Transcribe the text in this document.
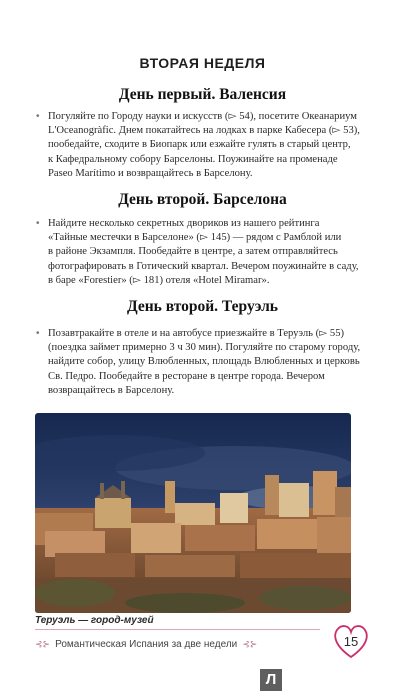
ВТОРАЯ НЕДЕЛЯ
День первый. Валенсия
• Погуляйте по Городу науки и искусств (▻ 54), посетите Океанариум
L'Oceanogràfic. Днем покатайтесь на лодках в парке Кабесера (▻ 53),
пообедайте, сходите в Биопарк или езжайте гулять в старый центр,
к Кафедральному собору Барселоны. Поужинайте на променаде
Paseo Marítimo и возвращайтесь в Барселону.
День второй. Барселона
• Найдите несколько секретных двориков из нашего рейтинга
«Тайные местечки в Барселоне» (▻ 145) — рядом с Рамблой или
в районе Экзампля. Пообедайте в центре, а затем отправляйтесь
фотографировать в Готический квартал. Вечером поужинайте в саду,
в баре «Forestier» (▻ 181) отеля «Hotel Miramar».
День второй. Теруэль
• Позавтракайте в отеле и на автобусе приезжайте в Теруэль (▻ 55)
(поездка займет примерно 3 ч 30 мин). Погуляйте по старому городу,
найдите собор, улицу Влюбленных, площадь Влюбленных и церковь
Св. Педро. Пообедайте в ресторане в центре города. Вечером
возвращайтесь в Барселону.
Теруэль — город-музей
⊰⊱ Романтическая Испания за две недели ⊰⊱	15
Л
